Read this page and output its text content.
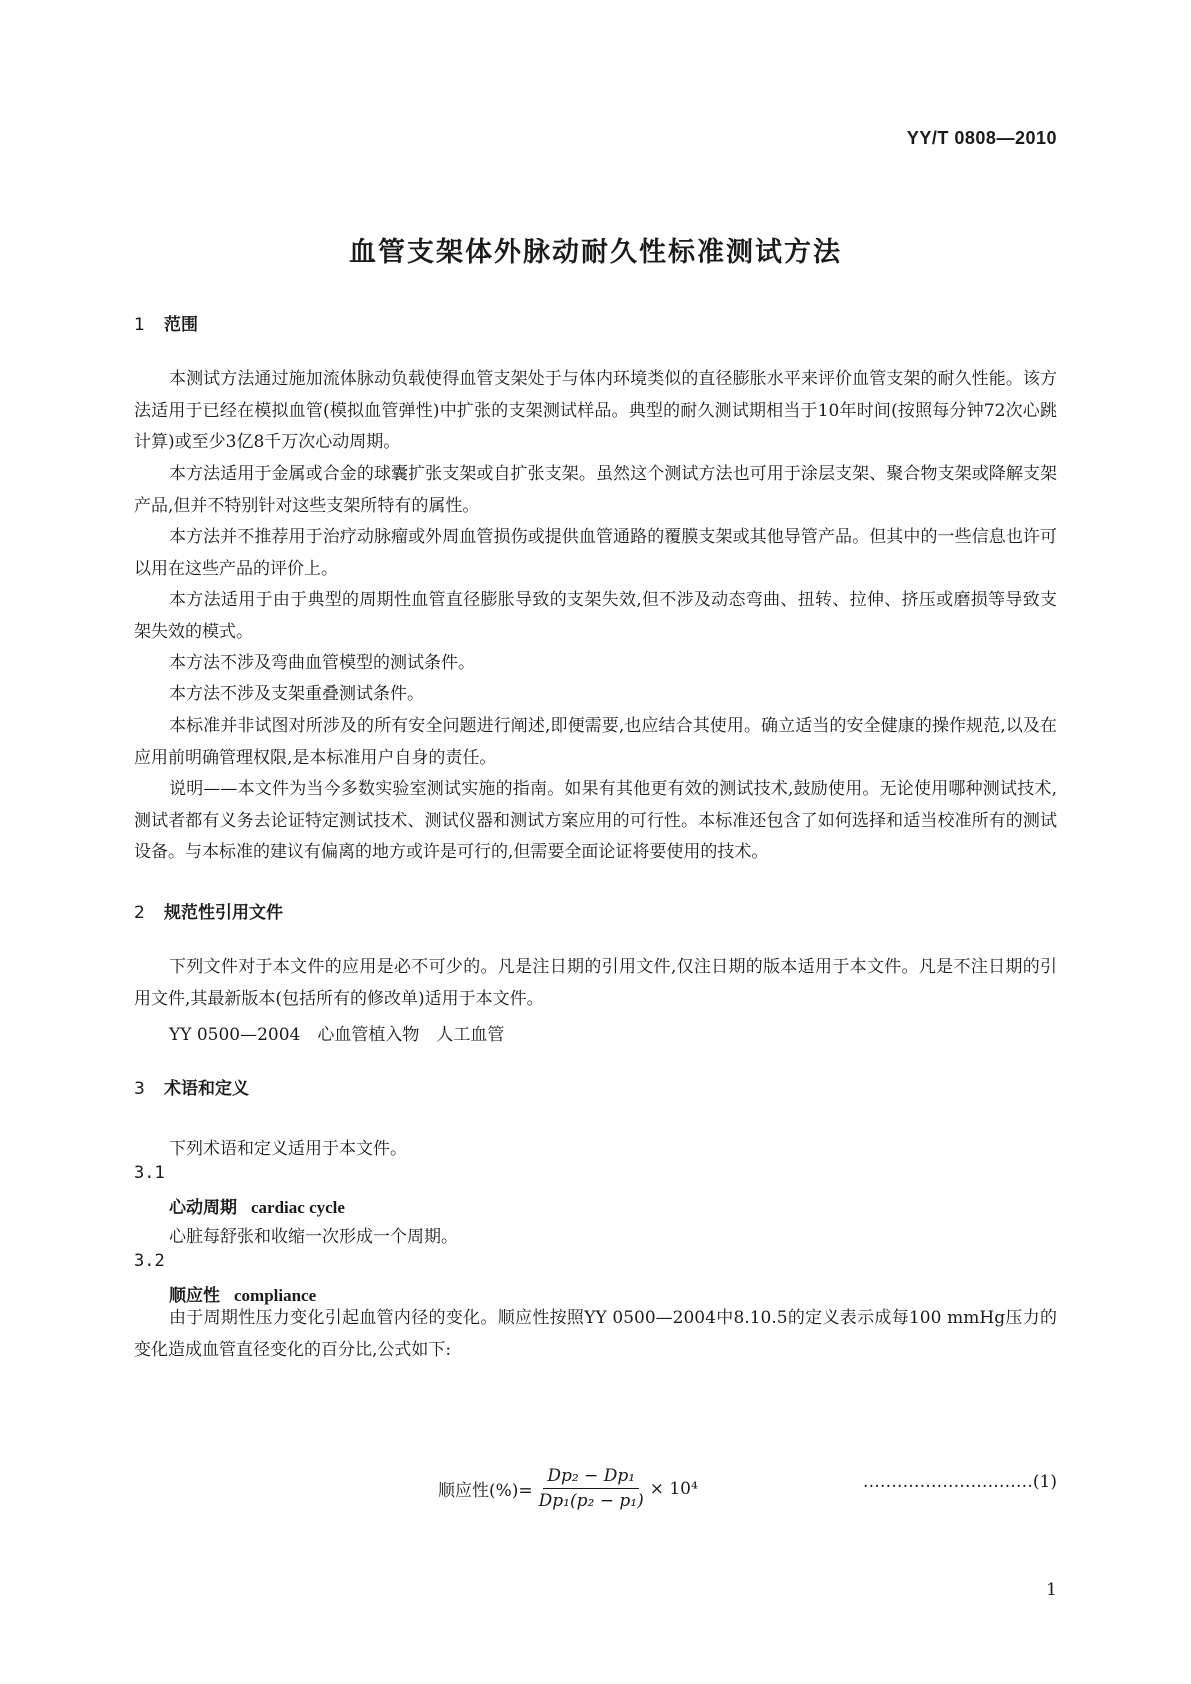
YY/T 0808—2010
血管支架体外脉动耐久性标准测试方法
1 范围

本测试方法通过施加流体脉动负载使得血管支架处于与体内环境类似的直径膨胀水平来评价血管支架的耐久性能。该方法适用于已经在模拟血管(模拟血管弹性)中扩张的支架测试样品。典型的耐久测试期相当于10年时间(按照每分钟72次心跳计算)或至少3亿8千万次心动周期。

本方法适用于金属或合金的球囊扩张支架或自扩张支架。虽然这个测试方法也可用于涂层支架、聚合物支架或降解支架产品,但并不特别针对这些支架所特有的属性。

本方法并不推荐用于治疗动脉瘤或外周血管损伤或提供血管通路的覆膜支架或其他导管产品。但其中的一些信息也许可以用在这些产品的评价上。

本方法适用于由于典型的周期性血管直径膨胀导致的支架失效,但不涉及动态弯曲、扭转、拉伸、挤压或磨损等导致支架失效的模式。

本方法不涉及弯曲血管模型的测试条件。

本方法不涉及支架重叠测试条件。

本标准并非试图对所涉及的所有安全问题进行阐述,即便需要,也应结合其使用。确立适当的安全健康的操作规范,以及在应用前明确管理权限,是本标准用户自身的责任。

说明——本文件为当今多数实验室测试实施的指南。如果有其他更有效的测试技术,鼓励使用。无论使用哪种测试技术,测试者都有义务去论证特定测试技术、测试仪器和测试方案应用的可行性。本标准还包含了如何选择和适当校准所有的测试设备。与本标准的建议有偏离的地方或许是可行的,但需要全面论证将要使用的技术。

2 规范性引用文件

下列文件对于本文件的应用是必不可少的。凡是注日期的引用文件,仅注日期的版本适用于本文件。凡是不注日期的引用文件,其最新版本(包括所有的修改单)适用于本文件。

YY 0500—2004　心血管植入物　人工血管
3 术语和定义
下列术语和定义适用于本文件。
3.1
心动周期 cardiac cycle
心脏每舒张和收缩一次形成一个周期。
3.2
顺应性 compliance

由于周期性压力变化引起血管内径的变化。顺应性按照YY 0500—2004中8.10.5的定义表示成每100 mmHg压力的变化造成血管直径变化的百分比,公式如下:

顺应性(%)= $\frac{\text{Dp₂ − Dp₁}}{\text{Dp₁(p₂ − p₁)}} \times 10^4$	…………………………(1)
1
